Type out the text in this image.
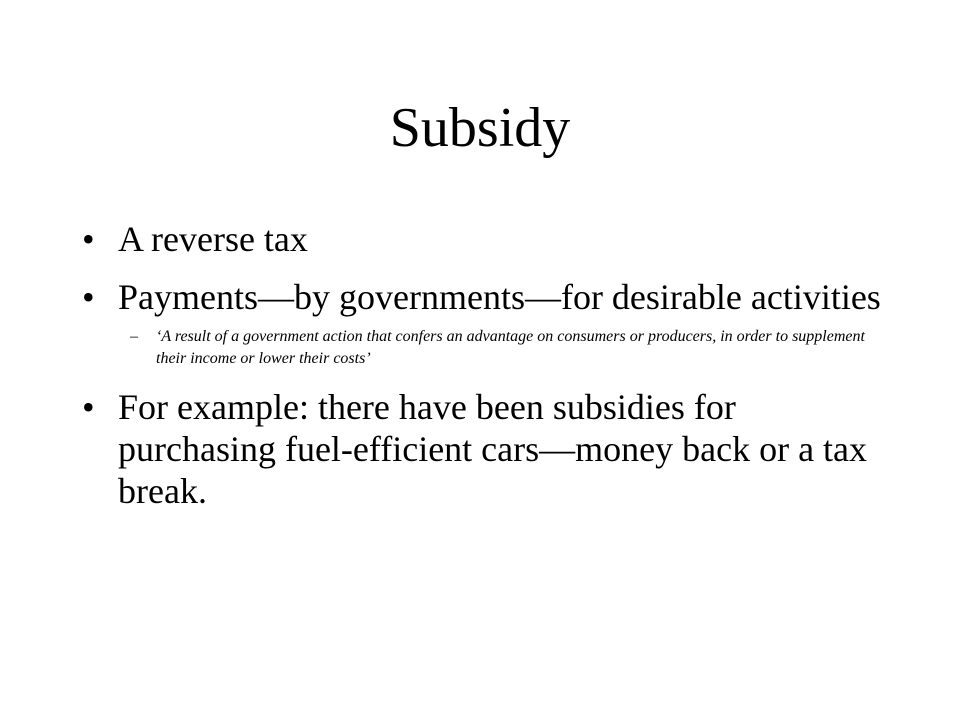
Subsidy
• A reverse tax
• Payments—by governments—for desirable activities
– ‘A result of a government action that confers an advantage on consumers or producers, in order to supplement their income or lower their costs’
• For example: there have been subsidies for purchasing fuel-efficient cars—money back or a tax break.
